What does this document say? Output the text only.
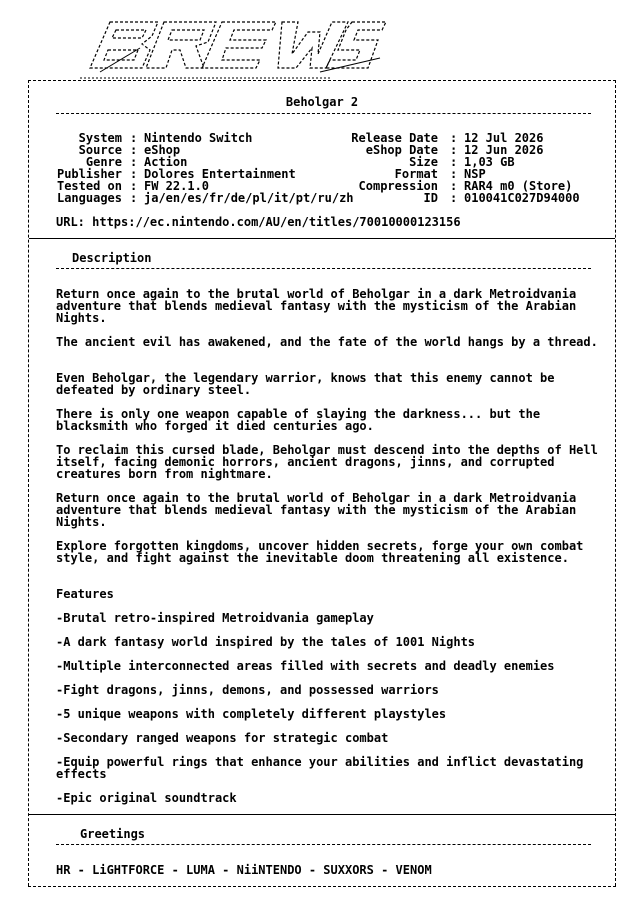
BREWS
Beholgar 2
System : Nintendo Switch
Source : eShop
Genre : Action
Publisher : Dolores Entertainment
Tested on : FW 22.1.0
Languages : ja/en/es/fr/de/pl/it/pt/ru/zh
Release Date : 12 Jul 2026
eShop Date : 12 Jun 2026
Size : 1,03 GB
Format : NSP
Compression : RAR4 m0 (Store)
ID : 010041C027D94000
URL: https://ec.nintendo.com/AU/en/titles/70010000123156
Description
Return once again to the brutal world of Beholgar in a dark Metroidvania adventure that blends medieval fantasy with the mysticism of the Arabian Nights.
The ancient evil has awakened, and the fate of the world hangs by a thread.
Even Beholgar, the legendary warrior, knows that this enemy cannot be defeated by ordinary steel.
There is only one weapon capable of slaying the darkness... but the blacksmith who forged it died centuries ago.
To reclaim this cursed blade, Beholgar must descend into the depths of Hell itself, facing demonic horrors, ancient dragons, jinns, and corrupted creatures born from nightmare.
Return once again to the brutal world of Beholgar in a dark Metroidvania adventure that blends medieval fantasy with the mysticism of the Arabian Nights.
Explore forgotten kingdoms, uncover hidden secrets, forge your own combat style, and fight against the inevitable doom threatening all existence.
Features
-Brutal retro-inspired Metroidvania gameplay
-A dark fantasy world inspired by the tales of 1001 Nights
-Multiple interconnected areas filled with secrets and deadly enemies
-Fight dragons, jinns, demons, and possessed warriors
-5 unique weapons with completely different playstyles
-Secondary ranged weapons for strategic combat
-Equip powerful rings that enhance your abilities and inflict devastating effects
-Epic original soundtrack
Greetings
HR - LiGHTFORCE - LUMA - NiiNTENDO - SUXXORS - VENOM
